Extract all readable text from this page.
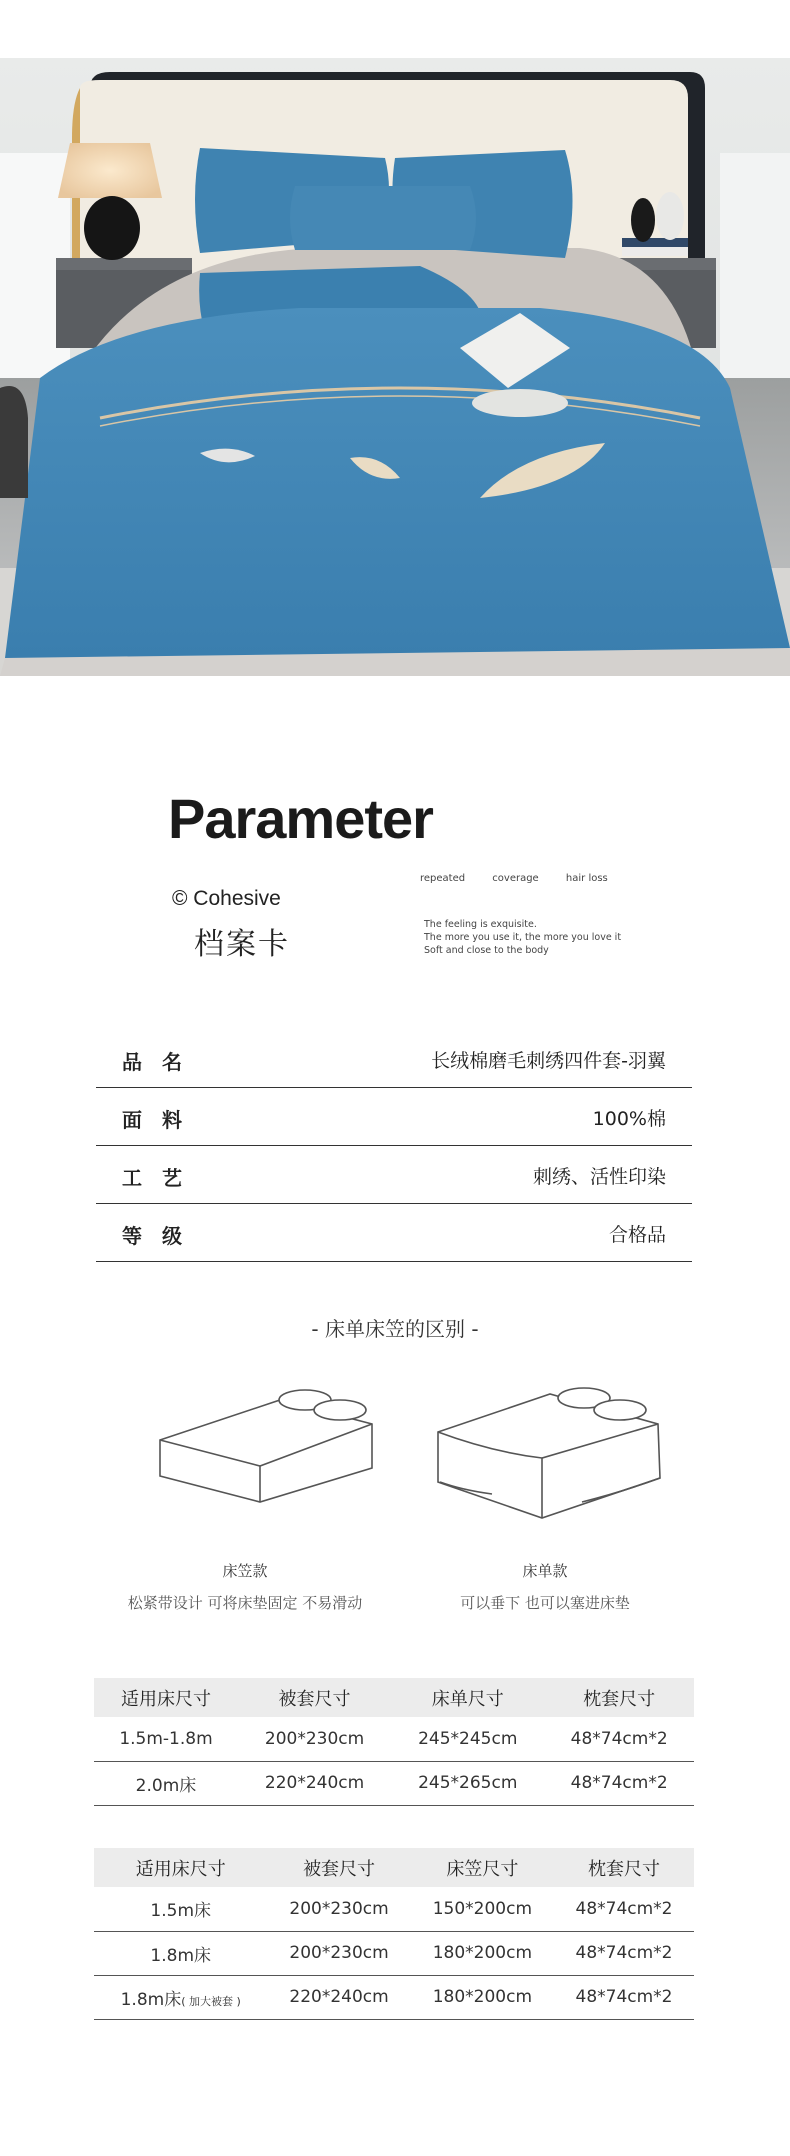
Parameter
© Cohesive
档案卡
repeated	coverage	hair loss
The feeling is exquisite.
The more you use it, the more you love it
Soft and close to the body
品名	长绒棉磨毛刺绣四件套-羽翼
面料	100%棉
工艺	刺绣、活性印染
等级	合格品
- 床单床笠的区别 -
床笠款
松紧带设计 可将床垫固定 不易滑动
床单款
可以垂下 也可以塞进床垫
适用床尺寸	被套尺寸	床单尺寸	枕套尺寸
1.5m-1.8m	200*230cm	245*245cm	48*74cm*2
2.0m床	220*240cm	245*265cm	48*74cm*2
适用床尺寸	被套尺寸	床笠尺寸	枕套尺寸
1.5m床	200*230cm	150*200cm	48*74cm*2
1.8m床	200*230cm	180*200cm	48*74cm*2
1.8m床( 加大被套 )	220*240cm	180*200cm	48*74cm*2
